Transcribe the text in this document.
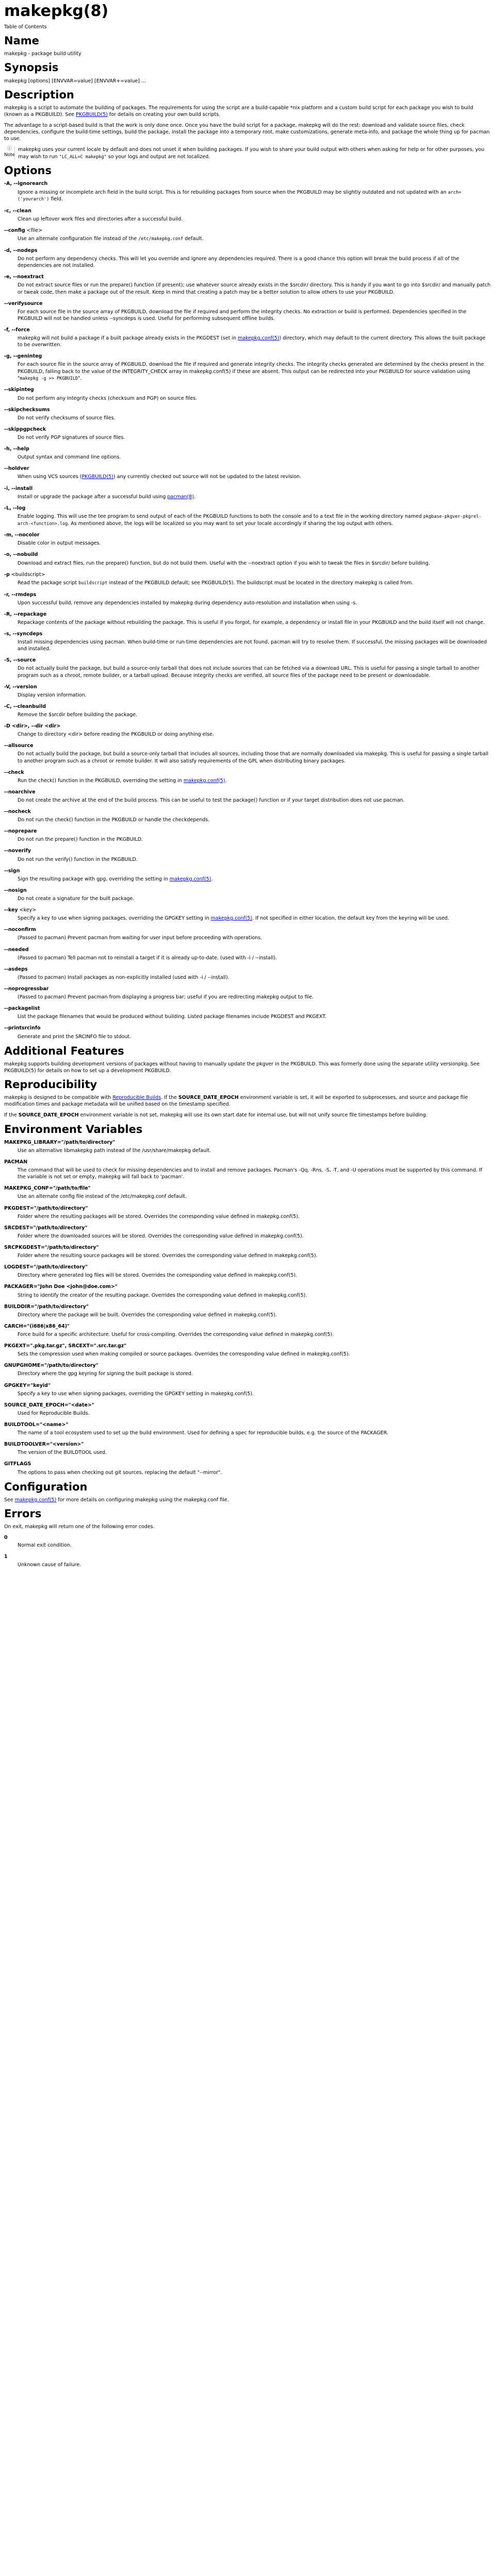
makepkg(8)
Table of Contents
Name

makepkg - package build utility

Synopsis

makepkg [options] [ENVVAR=value] [ENVVAR+=value] ...

Description

makepkg is a script to automate the building of packages. The requirements for using the script are a build-capable *nix platform and a custom build script for each package you wish to build (known as a PKGBUILD). See PKGBUILD(5) for details on creating your own build scripts.

The advantage to a script-based build is that the work is only done once. Once you have the build script for a package, makepkg will do the rest: download and validate source files, check dependencies, configure the build-time settings, build the package, install the package into a temporary root, make customizations, generate meta-info, and package the whole thing up for pacman to use.

ⓘ
Note
makepkg uses your current locale by default and does not unset it when building packages. If you wish to share your build output with others when asking for help or for other purposes, you may wish to run "LC_ALL=C makepkg" so your logs and output are not localized.
Options
-A, --ignorearch
Ignore a missing or incomplete arch field in the build script. This is for rebuilding packages from source when the PKGBUILD may be slightly outdated and not updated with an arch=('yourarch') field.
-c, --clean
Clean up leftover work files and directories after a successful build.
--config <file>
Use an alternate configuration file instead of the /etc/makepkg.conf default.
-d, --nodeps
Do not perform any dependency checks. This will let you override and ignore any dependencies required. There is a good chance this option will break the build process if all of the dependencies are not installed.
-e, --noextract
Do not extract source files or run the prepare() function (if present); use whatever source already exists in the $srcdir/ directory. This is handy if you want to go into $srcdir/ and manually patch or tweak code, then make a package out of the result. Keep in mind that creating a patch may be a better solution to allow others to use your PKGBUILD.
--verifysource
For each source file in the source array of PKGBUILD, download the file if required and perform the integrity checks. No extraction or build is performed. Dependencies specified in the PKGBUILD will not be handled unless --syncdeps is used. Useful for performing subsequent offline builds.
-f, --force
makepkg will not build a package if a built package already exists in the PKGDEST (set in makepkg.conf(5)) directory, which may default to the current directory. This allows the built package to be overwritten.
-g, --geninteg
For each source file in the source array of PKGBUILD, download the file if required and generate integrity checks. The integrity checks generated are determined by the checks present in the PKGBUILD, falling back to the value of the INTEGRITY_CHECK array in makepkg.conf(5) if these are absent. This output can be redirected into your PKGBUILD for source validation using "makepkg -g >> PKGBUILD".
--skipinteg
Do not perform any integrity checks (checksum and PGP) on source files.
--skipchecksums
Do not verify checksums of source files.
--skippgpcheck
Do not verify PGP signatures of source files.
-h, --help
Output syntax and command line options.
--holdver
When using VCS sources (PKGBUILD(5)) any currently checked out source will not be updated to the latest revision.
-i, --install
Install or upgrade the package after a successful build using pacman(8).
-L, --log
Enable logging. This will use the tee program to send output of each of the PKGBUILD functions to both the console and to a text file in the working directory named pkgbase-pkgver-pkgrel-arch-<function>.log. As mentioned above, the logs will be localized so you may want to set your locale accordingly if sharing the log output with others.
-m, --nocolor
Disable color in output messages.
-o, --nobuild
Download and extract files, run the prepare() function, but do not build them. Useful with the --noextract option if you wish to tweak the files in $srcdir/ before building.
-p <buildscript>
Read the package script buildscript instead of the PKGBUILD default; see PKGBUILD(5). The buildscript must be located in the directory makepkg is called from.
-r, --rmdeps
Upon successful build, remove any dependencies installed by makepkg during dependency auto-resolution and installation when using -s.
-R, --repackage
Repackage contents of the package without rebuilding the package. This is useful if you forgot, for example, a dependency or install file in your PKGBUILD and the build itself will not change.
-s, --syncdeps
Install missing dependencies using pacman. When build-time or run-time dependencies are not found, pacman will try to resolve them. If successful, the missing packages will be downloaded and installed.
-S, --source
Do not actually build the package, but build a source-only tarball that does not include sources that can be fetched via a download URL. This is useful for passing a single tarball to another program such as a chroot, remote builder, or a tarball upload. Because integrity checks are verified, all source files of the package need to be present or downloadable.
-V, --version
Display version information.
-C, --cleanbuild
Remove the $srcdir before building the package.
-D <dir>, --dir <dir>
Change to directory <dir> before reading the PKGBUILD or doing anything else.
--allsource
Do not actually build the package, but build a source-only tarball that includes all sources, including those that are normally downloaded via makepkg. This is useful for passing a single tarball to another program such as a chroot or remote builder. It will also satisfy requirements of the GPL when distributing binary packages.
--check
Run the check() function in the PKGBUILD, overriding the setting in makepkg.conf(5).
--noarchive
Do not create the archive at the end of the build process. This can be useful to test the package() function or if your target distribution does not use pacman.
--nocheck
Do not run the check() function in the PKGBUILD or handle the checkdepends.
--noprepare
Do not run the prepare() function in the PKGBUILD.
--noverify
Do not run the verify() function in the PKGBUILD.
--sign
Sign the resulting package with gpg, overriding the setting in makepkg.conf(5).
--nosign
Do not create a signature for the built package.
--key <key>
Specify a key to use when signing packages, overriding the GPGKEY setting in makepkg.conf(5). If not specified in either location, the default key from the keyring will be used.
--noconfirm
(Passed to pacman) Prevent pacman from waiting for user input before proceeding with operations.
--needed
(Passed to pacman) Tell pacman not to reinstall a target if it is already up-to-date. (used with -i / --install).
--asdeps
(Passed to pacman) Install packages as non-explicitly installed (used with -i / --install).
--noprogressbar
(Passed to pacman) Prevent pacman from displaying a progress bar; useful if you are redirecting makepkg output to file.
--packagelist
List the package filenames that would be produced without building. Listed package filenames include PKGDEST and PKGEXT.
--printsrcinfo
Generate and print the SRCINFO file to stdout.
Additional Features

makepkg supports building development versions of packages without having to manually update the pkgver in the PKGBUILD. This was formerly done using the separate utility versionpkg. See PKGBUILD(5) for details on how to set up a development PKGBUILD.

Reproducibility

makepkg is designed to be compatible with Reproducible Builds. If the SOURCE_DATE_EPOCH environment variable is set, it will be exported to subprocesses, and source and package file modification times and package metadata will be unified based on the timestamp specified.

If the SOURCE_DATE_EPOCH environment variable is not set, makepkg will use its own start date for internal use, but will not unify source file timestamps before building.

Environment Variables
MAKEPKG_LIBRARY="/path/to/directory"
Use an alternative libmakepkg path instead of the /usr/share/makepkg default.
PACMAN
The command that will be used to check for missing dependencies and to install and remove packages. Pacman's -Qq, -Rns, -S, -T, and -U operations must be supported by this command. If the variable is not set or empty, makepkg will fall back to 'pacman'.
MAKEPKG_CONF="/path/to/file"
Use an alternate config file instead of the /etc/makepkg.conf default.
PKGDEST="/path/to/directory"
Folder where the resulting packages will be stored. Overrides the corresponding value defined in makepkg.conf(5).
SRCDEST="/path/to/directory"
Folder where the downloaded sources will be stored. Overrides the corresponding value defined in makepkg.conf(5).
SRCPKGDEST="/path/to/directory"
Folder where the resulting source packages will be stored. Overrides the corresponding value defined in makepkg.conf(5).
LOGDEST="/path/to/directory"
Directory where generated log files will be stored. Overrides the corresponding value defined in makepkg.conf(5).
PACKAGER="John Doe <john@doe.com>"
String to identify the creator of the resulting package. Overrides the corresponding value defined in makepkg.conf(5).
BUILDDIR="/path/to/directory"
Directory where the package will be built. Overrides the corresponding value defined in makepkg.conf(5).
CARCH="(i686|x86_64)"
Force build for a specific architecture. Useful for cross-compiling. Overrides the corresponding value defined in makepkg.conf(5).
PKGEXT=".pkg.tar.gz", SRCEXT=".src.tar.gz"
Sets the compression used when making compiled or source packages. Overrides the corresponding value defined in makepkg.conf(5).
GNUPGHOME="/path/to/directory"
Directory where the gpg keyring for signing the built package is stored.
GPGKEY="keyid"
Specify a key to use when signing packages, overriding the GPGKEY setting in makepkg.conf(5).
SOURCE_DATE_EPOCH="<date>"
Used for Reproducible Builds.
BUILDTOOL="<name>"
The name of a tool ecosystem used to set up the build environment. Used for defining a spec for reproducible builds, e.g. the source of the PACKAGER.
BUILDTOOLVER="<version>"
The version of the BUILDTOOL used.
GITFLAGS
The options to pass when checking out git sources, replacing the default "--mirror".
Configuration

See makepkg.conf(5) for more details on configuring makepkg using the makepkg.conf file.

Errors

On exit, makepkg will return one of the following error codes.

0
Normal exit condition.
1
Unknown cause of failure.
